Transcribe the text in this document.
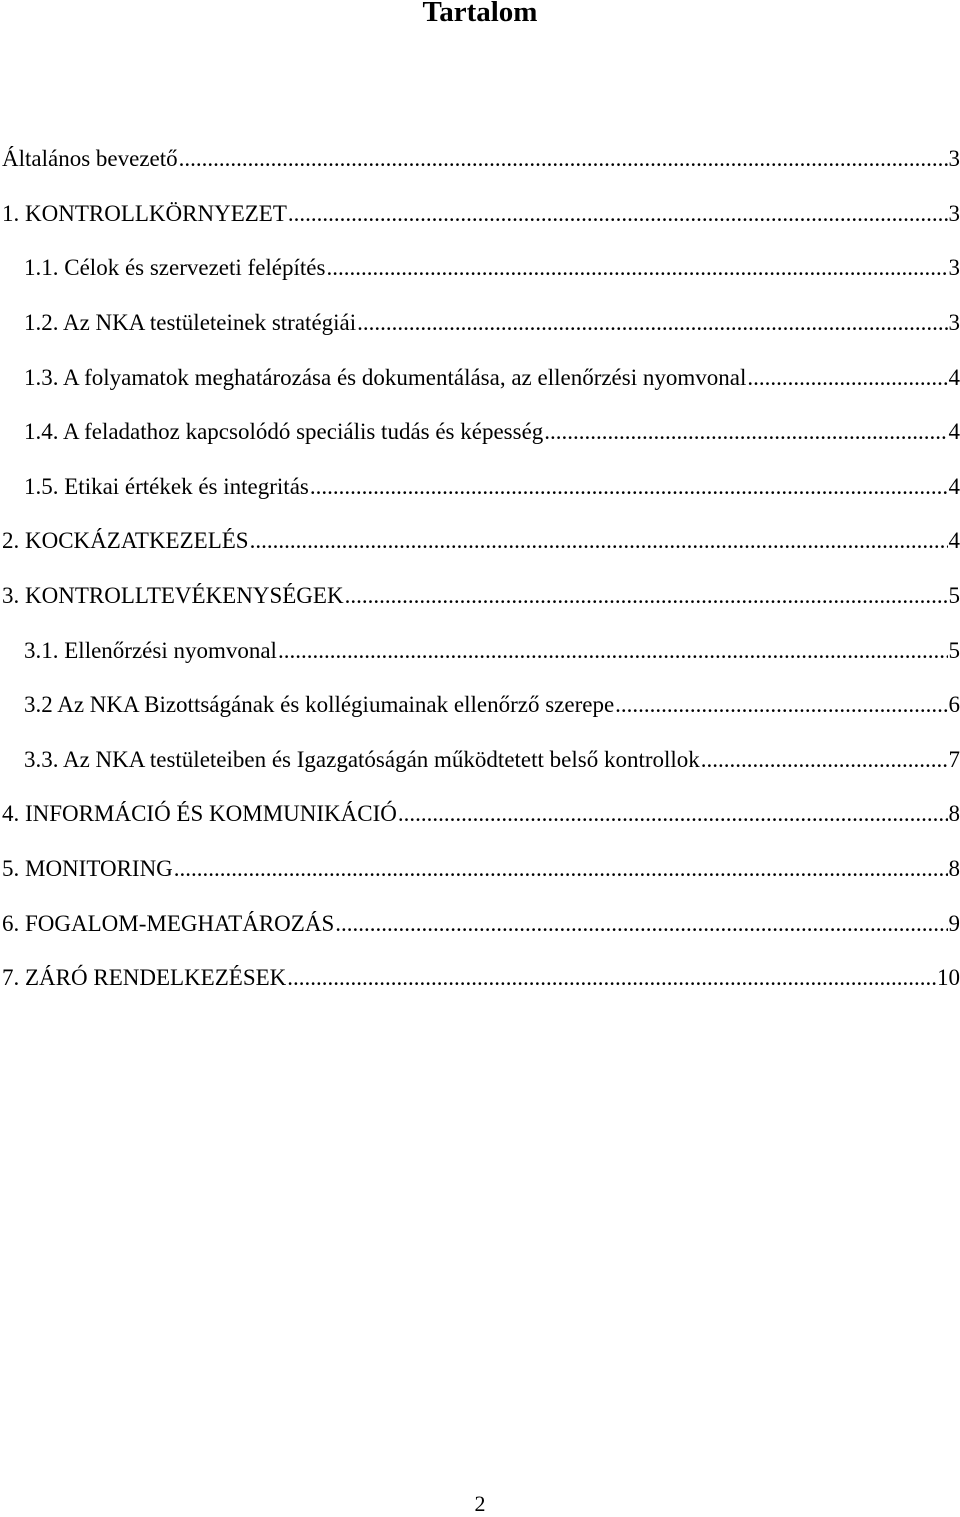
Tartalom
Általános bevezető .....	3
1. KONTROLLKÖRNYEZET .....	3
1.1. Célok és szervezeti felépítés .....	3
1.2. Az NKA testületeinek stratégiái .....	3
1.3. A folyamatok meghatározása és dokumentálása, az ellenőrzési nyomvonal .....	4
1.4. A feladathoz kapcsolódó speciális tudás és képesség .....	4
1.5. Etikai értékek és integritás .....	4
2. KOCKÁZATKEZELÉS .....	4
3. KONTROLLTEVÉKENYSÉGEK .....	5
3.1. Ellenőrzési nyomvonal .....	5
3.2 Az NKA Bizottságának és kollégiumainak ellenőrző szerepe .....	6
3.3. Az NKA testületeiben és Igazgatóságán működtetett belső kontrollok .....	7
4. INFORMÁCIÓ ÉS KOMMUNIKÁCIÓ .....	8
5. MONITORING .....	8
6. FOGALOM-MEGHATÁROZÁS .....	9
7. ZÁRÓ RENDELKEZÉSEK .....	10
2
